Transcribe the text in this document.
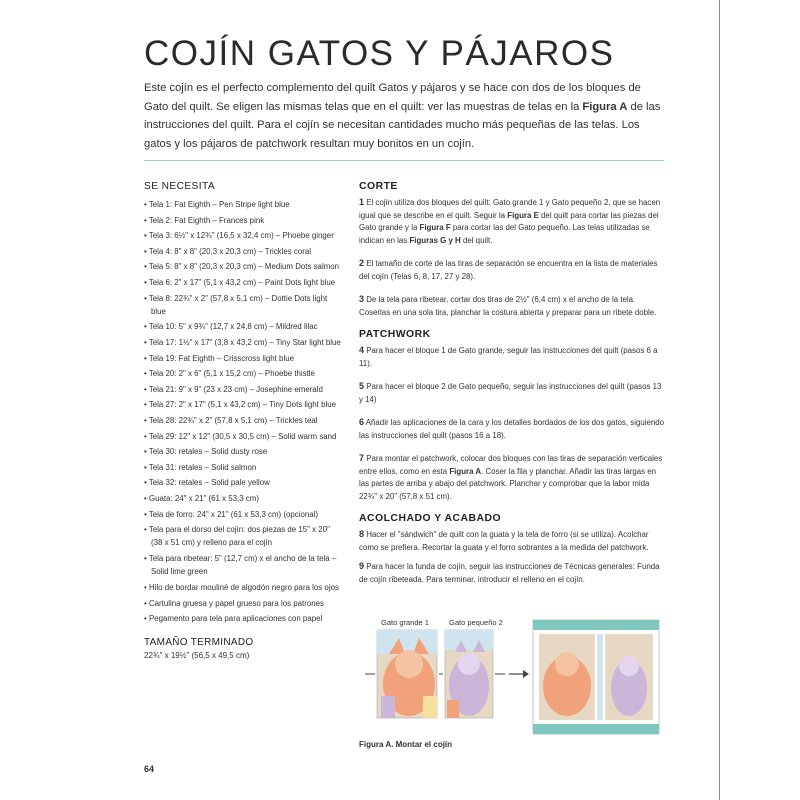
COJÍN GATOS Y PÁJAROS

Este cojín es el perfecto complemento del quilt Gatos y pájaros y se hace con dos de los bloques de Gato del quilt. Se eligen las mismas telas que en el quilt: ver las muestras de telas en la Figura A de las instrucciones del quilt. Para el cojín se necesitan cantidades mucho más pequeñas de las telas. Los gatos y los pájaros de patchwork resultan muy bonitos en un cojín.

SE NECESITA
• Tela 1: Fat Eighth – Pen Stripe light blue
• Tela 2: Fat Eighth – Frances pink
• Tela 3: 6½" x 12¾" (16,5 x 32,4 cm) – Phoebe ginger
• Tela 4: 8" x 8" (20,3 x 20,3 cm) – Trickles coral
• Tela 5: 8" x 8" (20,3 x 20,3 cm) – Medium Dots salmon
• Tela 6: 2" x 17" (5,1 x 43,2 cm) – Paint Dots light blue
• Tela 8: 22¾" x 2" (57,8 x 5,1 cm) – Dottie Dots light blue
• Tela 10: 5" x 9¾" (12,7 x 24,8 cm) – Mildred lilac
• Tela 17: 1½" x 17" (3,8 x 43,2 cm) – Tiny Star light blue
• Tela 19: Fat Eighth – Crisscross light blue
• Tela 20: 2" x 6" (5,1 x 15,2 cm) – Phoebe thistle
• Tela 21: 9" x 9" (23 x 23 cm) – Josephine emerald
• Tela 27: 2" x 17" (5,1 x 43,2 cm) – Tiny Dots light blue
• Tela 28: 22¾" x 2" (57,8 x 5,1 cm) – Trickles teal
• Tela 29: 12" x 12" (30,5 x 30,5 cm) – Solid warm sand
• Tela 30: retales – Solid dusty rose
• Tela 31: retales – Solid salmon
• Tela 32: retales – Solid pale yellow
• Guata: 24" x 21" (61 x 53,3 cm)
• Tela de forro: 24" x 21" (61 x 53,3 cm) (opcional)
• Tela para el dorso del cojín: dos piezas de 15" x 20" (38 x 51 cm) y relleno para el cojín
• Tela para ribetear: 5" (12,7 cm) x el ancho de la tela – Solid lime green
• Hilo de bordar mouliné de algodón negro para los ojos
• Cartulina gruesa y papel grueso para los patrones
• Pegamento para tela para aplicaciones con papel
TAMAÑO TERMINADO

22¾" x 19½" (56,5 x 49,5 cm)

CORTE

1 El cojín utiliza dos bloques del quilt: Gato grande 1 y Gato pequeño 2, que se hacen igual que se describe en el quilt. Seguir la Figura E del quilt para cortar las piezas del Gato grande y la Figura F para cortar las del Gato pequeño. Las telas utilizadas se indican en las Figuras G y H del quilt.

2 El tamaño de corte de las tiras de separación se encuentra en la lista de materiales del cojín (Telas 6, 8, 17, 27 y 28).

3 De la tela para ribetear, cortar dos tiras de 2½" (6,4 cm) x el ancho de la tela. Coserlas en una sola tira, planchar la costura abierta y preparar para un ribete doble.

PATCHWORK

4 Para hacer el bloque 1 de Gato grande, seguir las instrucciones del quilt (pasos 6 a 11).

5 Para hacer el bloque 2 de Gato pequeño, seguir las instrucciones del quilt (pasos 13 y 14)

6 Añadir las aplicaciones de la cara y los detalles bordados de los dos gatos, siguiendo las instrucciones del quilt (pasos 16 a 18).

7 Para montar el patchwork, colocar dos bloques con las tiras de separación verticales entre ellos, como en esta Figura A. Coser la fila y planchar. Añadir las tiras largas en las partes de arriba y abajo del patchwork. Planchar y comprobar que la labor mida 22¾" x 20" (57,8 x 51 cm).

ACOLCHADO Y ACABADO

8 Hacer el "sándwich" de quilt con la guata y la tela de forro (si se utiliza). Acolchar como se prefiera. Recortar la guata y el forro sobrantes a la medida del patchwork.

9 Para hacer la funda de cojín, seguir las instrucciones de Técnicas generales: Funda de cojín ribeteada. Para terminar, introducir el relleno en el cojín.

Gato grande 1	Gato pequeño 2
Figura A. Montar el cojín
64
